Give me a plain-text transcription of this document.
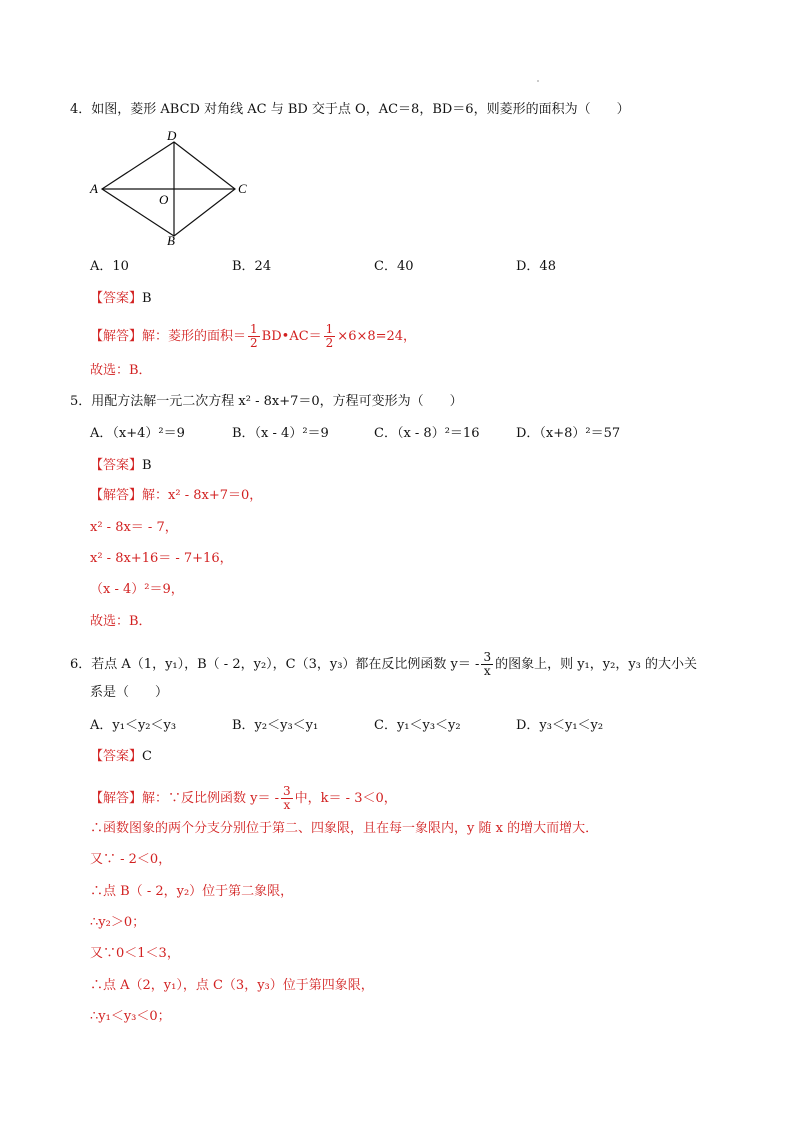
4．如图，菱形 ABCD 对角线 AC 与 BD 交于点 O，AC＝8，BD＝6，则菱形的面积为（　　）
D
A	C
O
B
A．10	B．24	C．40	D．48
【答案】B
【解答】解：菱形的面积＝ $\frac{1}{2}$ BD•AC＝ $\frac{1}{2} \times 6\times 8=24$，
故选：B．
5．用配方法解一元二次方程 x² - 8x+7＝0，方程可变形为（　　）
A．（x+4）²＝9	B．（x - 4）²＝9	C．（x - 8）²＝16	D．（x+8）²＝57
【答案】B
【解答】解：x² - 8x+7＝0，
x² - 8x＝ - 7，
x² - 8x+16＝ - 7+16，
（x - 4）²＝9，
故选：B．
6．若点 A（1，y₁），B（ - 2，y₂），C（3，y₃）都在反比例函数 $y= - \frac{3}{x}$ 的图象上，则 y₁，y₂，y₃ 的大小关
系是（　　）
A．y₁＜y₂＜y₃	B．y₂＜y₃＜y₁	C．y₁＜y₃＜y₂	D．y₃＜y₁＜y₂
【答案】C
【解答】解：∵反比例函数 $y= - \frac{3}{x}$ 中，k＝ - 3＜0，
∴函数图象的两个分支分别位于第二、四象限，且在每一象限内，y 随 x 的增大而增大．
又∵ - 2＜0，
∴点 B（ - 2，y₂）位于第二象限，
∴y₂＞0；
又∵0＜1＜3，
∴点 A（2，y₁），点 C（3，y₃）位于第四象限，
∴y₁＜y₃＜0；
